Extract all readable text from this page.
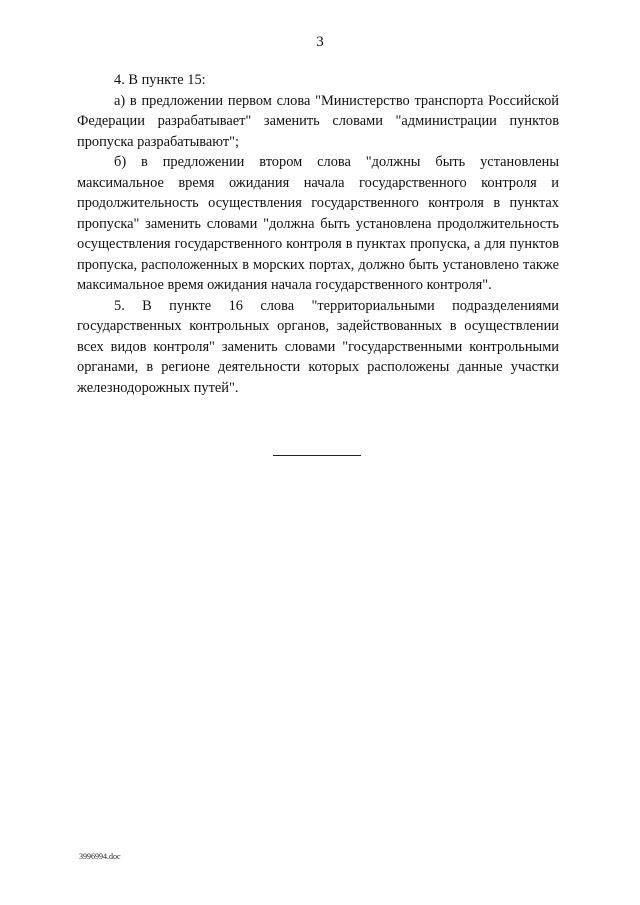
3

4. В пункте 15:

а) в предложении первом слова "Министерство транспорта Российской Федерации разрабатывает" заменить словами "администрации пунктов пропуска разрабатывают";

б) в предложении втором слова "должны быть установлены максимальное время ожидания начала государственного контроля и продолжительность осуществления государственного контроля в пунктах пропуска" заменить словами "должна быть установлена продолжительность осуществления государственного контроля в пунктах пропуска, а для пунктов пропуска, расположенных в морских портах, должно быть установлено также максимальное время ожидания начала государственного контроля".

5. В пункте 16 слова "территориальными подразделениями государственных контрольных органов, задействованных в осуществлении всех видов контроля" заменить словами "государственными контрольными органами, в регионе деятельности которых расположены данные участки железнодорожных путей".

3996994.doc
